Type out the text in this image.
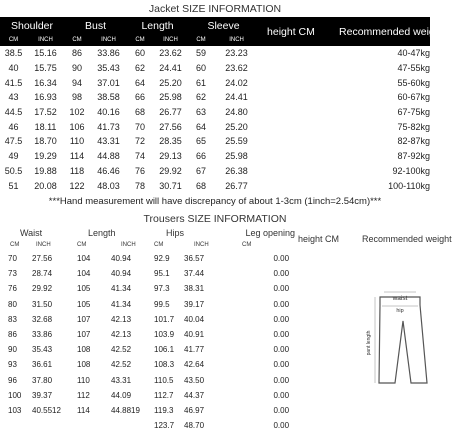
Jacket SIZE INFORMATION
Shoulder		Bust		Length		Sleeve		height CM	Recommended weight
CM	INCH	CM	INCH	CM	INCH	CM	INCH		
38.5	15.16	86	33.86	60	23.62	59	23.23		40-47kg
40	15.75	90	35.43	62	24.41	60	23.62		47-55kg
41.5	16.34	94	37.01	64	25.20	61	24.02		55-60kg
43	16.93	98	38.58	66	25.98	62	24.41		60-67kg
44.5	17.52	102	40.16	68	26.77	63	24.80		67-75kg
46	18.11	106	41.73	70	27.56	64	25.20		75-82kg
47.5	18.70	110	43.31	72	28.35	65	25.59		82-87kg
49	19.29	114	44.88	74	29.13	66	25.98		87-92kg
50.5	19.88	118	46.46	76	29.92	67	26.38		92-100kg
51	20.08	122	48.03	78	30.71	68	26.77		100-110kg
***Hand measurement will have discrepancy of about 1-3cm (1inch=2.54cm)***
Trousers SIZE INFORMATION
Waist		Length		Hips		Leg opening	height CM	Recommended weight
CM	INCH	CM	INCH	CM	INCH	CM		
70	27.56	104	40.94	92.9	36.57	0.00		
73	28.74	104	40.94	95.1	37.44	0.00		
76	29.92	105	41.34	97.3	38.31	0.00		
80	31.50	105	41.34	99.5	39.17	0.00		
83	32.68	107	42.13	101.7	40.04	0.00		
86	33.86	107	42.13	103.9	40.91	0.00		
90	35.43	108	42.52	106.1	41.77	0.00		
93	36.61	108	42.52	108.3	42.64	0.00		
96	37.80	110	43.31	110.5	43.50	0.00		
100	39.37	112	44.09	112.7	44.37	0.00		
103	40.5512	114	44.8819	119.3	46.97	0.00		
				123.7	48.70	0.00		
waist
hip
pant length
